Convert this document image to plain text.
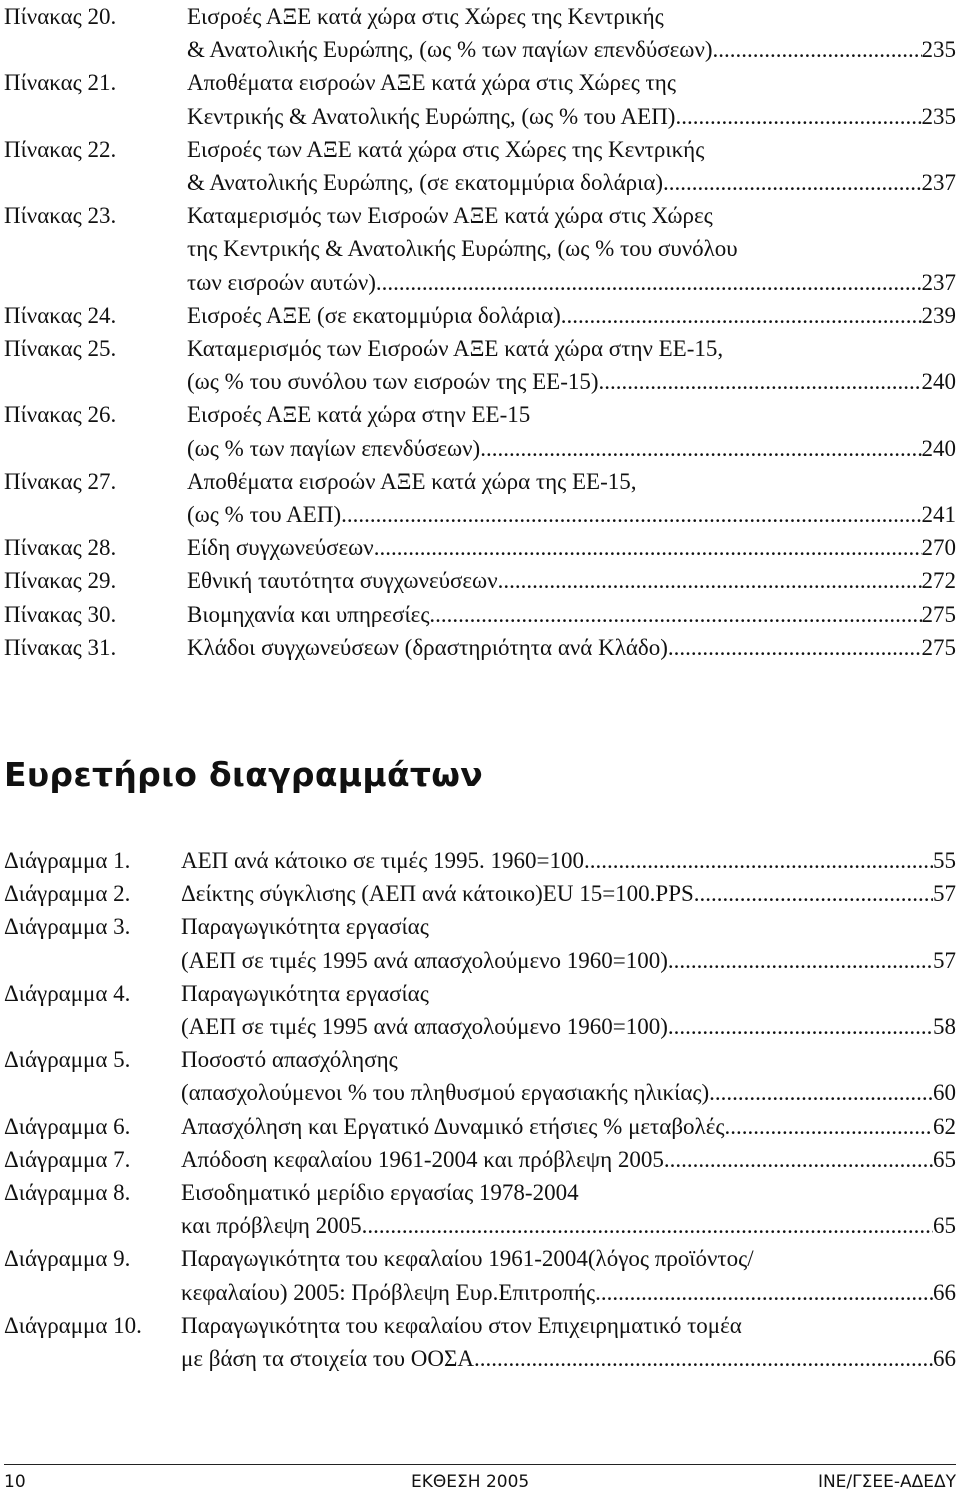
Πίνακας 20.	Εισροές ΑΞΕ κατά χώρα στις Χώρες της Κεντρικής
& Ανατολικής Ευρώπης, (ως % των παγίων επενδύσεων) .....	235
Πίνακας 21.	Αποθέματα εισροών ΑΞΕ κατά χώρα στις Χώρες της
Κεντρικής & Ανατολικής Ευρώπης, (ως % του ΑΕΠ) .....	235
Πίνακας 22.	Εισροές των ΑΞΕ κατά χώρα στις Χώρες της Κεντρικής
& Ανατολικής Ευρώπης, (σε εκατομμύρια δολάρια) .....	237
Πίνακας 23.	Καταμερισμός των Εισροών ΑΞΕ κατά χώρα στις Χώρες
της Κεντρικής & Ανατολικής Ευρώπης, (ως % του συνόλου
των εισροών αυτών) .....	237
Πίνακας 24.	Εισροές ΑΞΕ (σε εκατομμύρια δολάρια) .....	239
Πίνακας 25.	Καταμερισμός των Εισροών ΑΞΕ κατά χώρα στην ΕΕ-15,
(ως % του συνόλου των εισροών της ΕΕ-15) .....	240
Πίνακας 26.	Εισροές ΑΞΕ κατά χώρα στην ΕΕ-15
(ως % των παγίων επενδύσεων) .....	240
Πίνακας 27.	Αποθέματα εισροών ΑΞΕ κατά χώρα της ΕΕ-15,
(ως % του ΑΕΠ) .....	241
Πίνακας 28.	Είδη συγχωνεύσεων .....	270
Πίνακας 29.	Εθνική ταυτότητα συγχωνεύσεων .....	272
Πίνακας 30.	Βιομηχανία και υπηρεσίες .....	275
Πίνακας 31.	Κλάδοι συγχωνεύσεων (δραστηριότητα ανά Κλάδο) .....	275
Ευρετήριο διαγραμμάτων
Διάγραμμα 1.	ΑΕΠ ανά κάτοικο σε τιμές 1995. 1960=100 .....	55
Διάγραμμα 2.	Δείκτης σύγκλισης (ΑΕΠ ανά κάτοικο)EU 15=100.PPS .....	57
Διάγραμμα 3.	Παραγωγικότητα εργασίας
(ΑΕΠ σε τιμές 1995 ανά απασχολούμενο 1960=100) .....	57
Διάγραμμα 4.	Παραγωγικότητα εργασίας
(ΑΕΠ σε τιμές 1995 ανά απασχολούμενο 1960=100) .....	58
Διάγραμμα 5.	Ποσοστό απασχόλησης
(απασχολούμενοι % του πληθυσμού εργασιακής ηλικίας) .....	60
Διάγραμμα 6.	Απασχόληση και Εργατικό Δυναμικό ετήσιες % μεταβολές .....	62
Διάγραμμα 7.	Απόδοση κεφαλαίου 1961-2004 και πρόβλεψη 2005 .....	65
Διάγραμμα 8.	Εισοδηματικό μερίδιο εργασίας 1978-2004
και πρόβλεψη 2005 .....	65
Διάγραμμα 9.	Παραγωγικότητα του κεφαλαίου 1961-2004(λόγος προϊόντος/
κεφαλαίου) 2005: Πρόβλεψη Ευρ.Επιτροπής .....	66
Διάγραμμα 10.	Παραγωγικότητα του κεφαλαίου στον Επιχειρηματικό τομέα
με βάση τα στοιχεία του ΟΟΣΑ .....	66
10	ΕΚΘΕΣΗ 2005	ΙΝΕ/ΓΣΕΕ-ΑΔΕΔΥ
